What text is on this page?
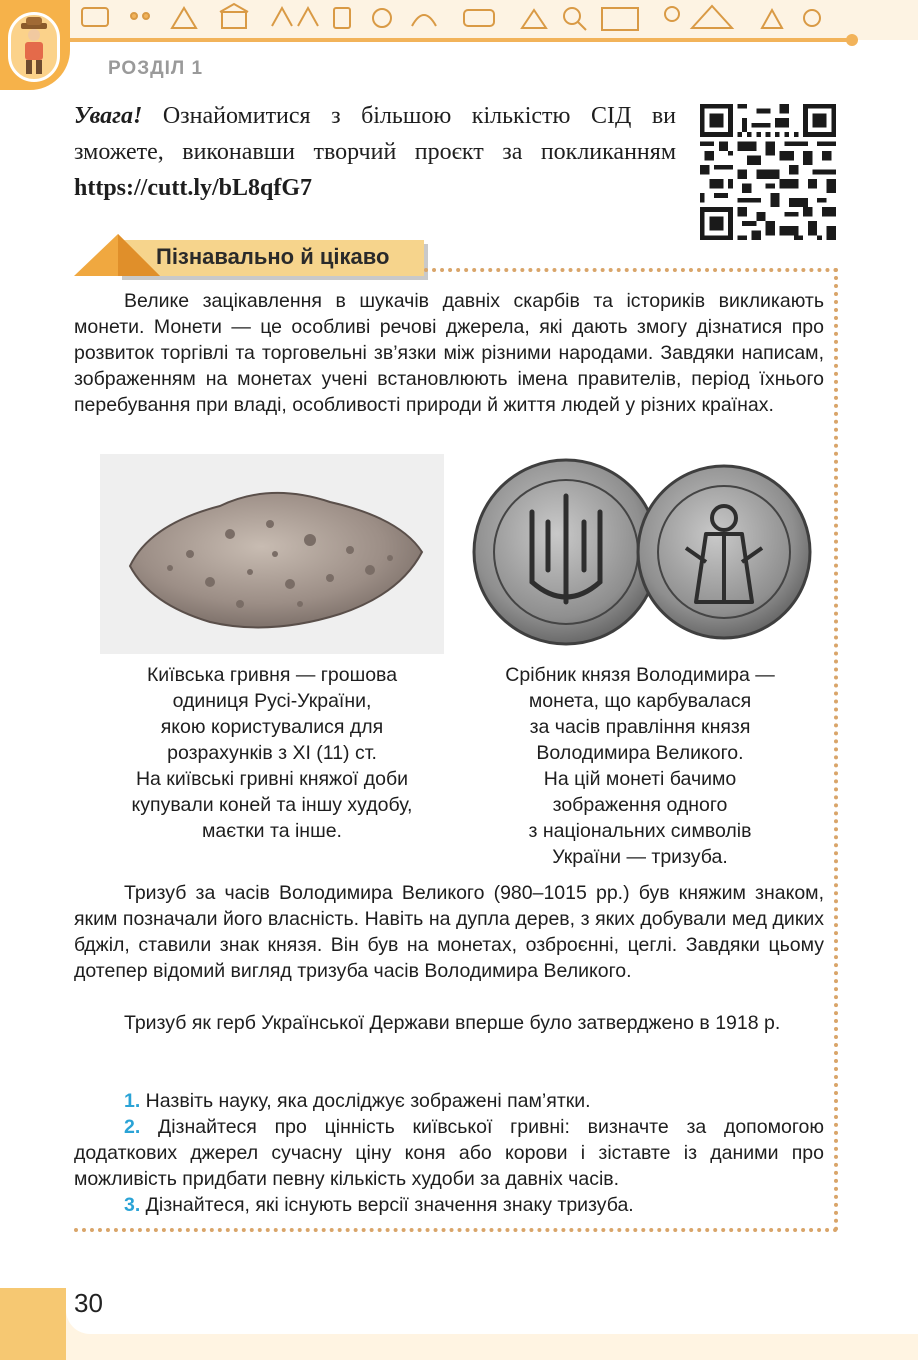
РОЗДІЛ 1
Увага! Ознайомитися з більшою кількістю СІД ви зможете, виконавши творчий проєкт за покликанням https://cutt.ly/bL8qfG7
Пізнавально й цікаво
Велике зацікавлення в шукачів давніх скарбів та істориків викликають монети. Монети — це особливі речові джерела, які дають змогу дізнатися про розвиток торгівлі та торговельні зв’язки між різними народами. Завдяки написам, зображенням на монетах учені встановлюють імена правителів, період їхнього перебування при владі, особливості природи й життя людей у різних країнах.
Київська гривня — грошова
одиниця Русі-України,
якою користувалися для
розрахунків з XI (11) ст.
На київські гривні княжої доби
купували коней та іншу худобу,
маєтки та інше.
Срібник князя Володимира —
монета, що карбувалася
за часів правління князя
Володимира Великого.
На цій монеті бачимо
зображення одного
з національних символів
України — тризуба.
Тризуб за часів Володимира Великого (980–1015 рр.) був княжим знаком, яким позначали його власність. Навіть на дупла дерев, з яких добували мед диких бджіл, ставили знак князя. Він був на монетах, озброєнні, цеглі. Завдяки цьому дотепер відомий вигляд тризуба часів Володимира Великого.
Тризуб як герб Української Держави вперше було затверджено в 1918 р.
1. Назвіть науку, яка досліджує зображені пам’ятки.
2. Дізнайтеся про цінність київської гривні: визначте за допомогою додаткових джерел сучасну ціну коня або корови і зіставте із даними про можливість придбати певну кількість худоби за давніх часів.
3. Дізнайтеся, які існують версії значення знаку тризуба.
30
